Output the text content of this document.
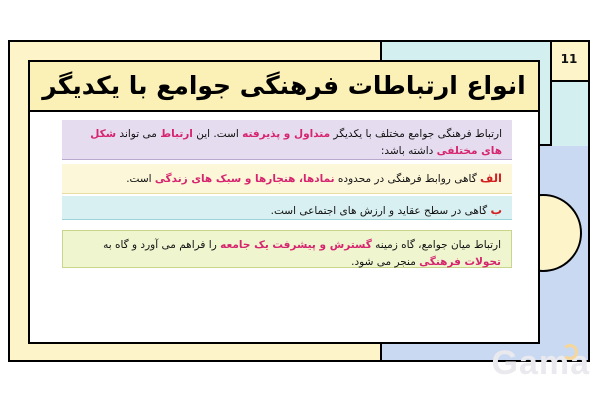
11
انواع ارتباطات فرهنگی جوامع با یکدیگر
ارتباط فرهنگی جوامع مختلف با یکدیگر متداول و پذیرفته است. این ارتباط می تواند شکل های مختلفی داشته باشد:
الف گاهی روابط فرهنگی در محدوده نمادها، هنجارها و سبک های زندگی است.
ب گاهی در سطح عقاید و ارزش های اجتماعی است.
ارتباط میان جوامع، گاه زمینه گسترش و پیشرفت یک جامعه را فراهم می آورد و گاه به تحولات فرهنگی منجر می شود.
Gama
